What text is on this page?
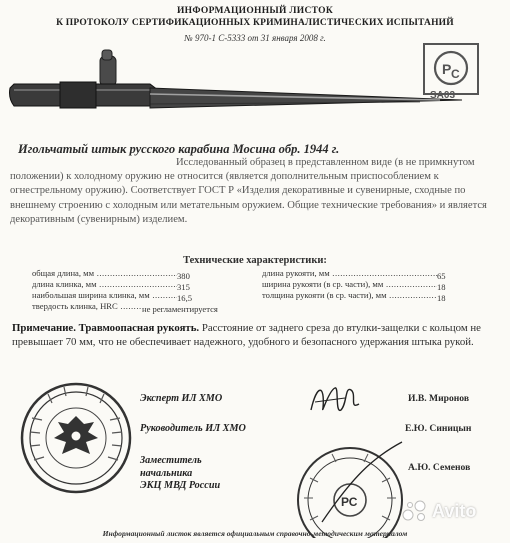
ИНФОРМАЦИОННЫЙ ЛИСТОК
К ПРОТОКОЛУ СЕРТИФИКАЦИОННЫХ КРИМИНАЛИСТИЧЕСКИХ ИСПЫТАНИЙ
№ 970-1 С-5333 от 31 января 2008 г.
Р С
SA03
Игольчатый штык русского карабина Мосина обр. 1944 г.
Исследованный образец в представленном виде (в не примкнутом положении) к холодному оружию не относится (является дополнительным приспособлением к огнестрельному оружию). Соответствует ГОСТ Р «Изделия декоративные и сувенирные, сходные по внешнему строению с холодным или метательным оружием. Общие технические требования» и является декоративным (сувенирным) изделием.
Технические характеристики:
общая длина, мм .....	380
длина клинка, мм .....	315
наибольшая ширина клинка, мм .....	16,5
твердость клинка, HRC .....	не регламентируется
длина рукояти, мм .....	65
ширина рукояти (в ср. части), мм .....	18
толщина рукояти (в ср. части), мм .....	18
Примечание. Травмоопасная рукоять. Расстояние от заднего среза до втулки-защелки с кольцом не превышает 70 мм, что не обеспечивает надежного, удобного и безопасного удержания штыка рукой.
Эксперт ИЛ ХМО	И.В. Миронов
Руководитель ИЛ ХМО	Е.Ю. Синицын
Заместитель
начальника
ЭКЦ МВД России
А.Ю. Семенов
РС	Avito
Информационный листок является официальным справочно-методическим материалом
